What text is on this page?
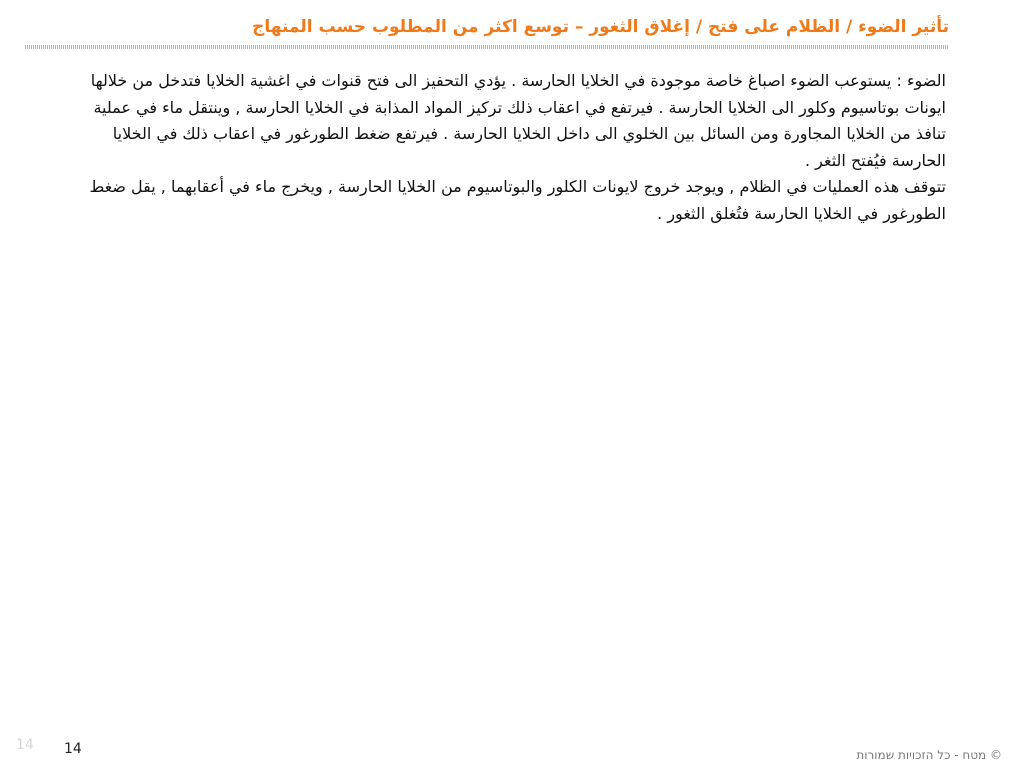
تأثير الضوء / الظلام على فتح / إغلاق الثغور – توسع اكثر من المطلوب حسب المنهاج

الضوء : يستوعب الضوء اصباغ خاصة موجودة في الخلايا الحارسة . يؤدي التحفيز الى فتح قنوات في اغشية الخلايا فتدخل من خلالها ايونات بوتاسيوم وكلور الى الخلايا الحارسة . فيرتفع في اعقاب ذلك تركيز المواد المذابة في الخلايا الحارسة , وينتقل ماء في عملية تنافذ من الخلايا المجاورة ومن السائل بين الخلوي الى داخل الخلايا الحارسة . فيرتفع ضغط الطورغور في اعقاب ذلك في الخلايا الحارسة فيُفتح الثغر .

تتوقف هذه العمليات في الظلام , ويوجد خروج لايونات الكلور والبوتاسيوم من الخلايا الحارسة , ويخرج ماء في أعقابهما , يقل ضغط الطورغور في الخلايا الحارسة فتُغلق الثغور .

14 14	© מטח - כל הזכויות שמורות
